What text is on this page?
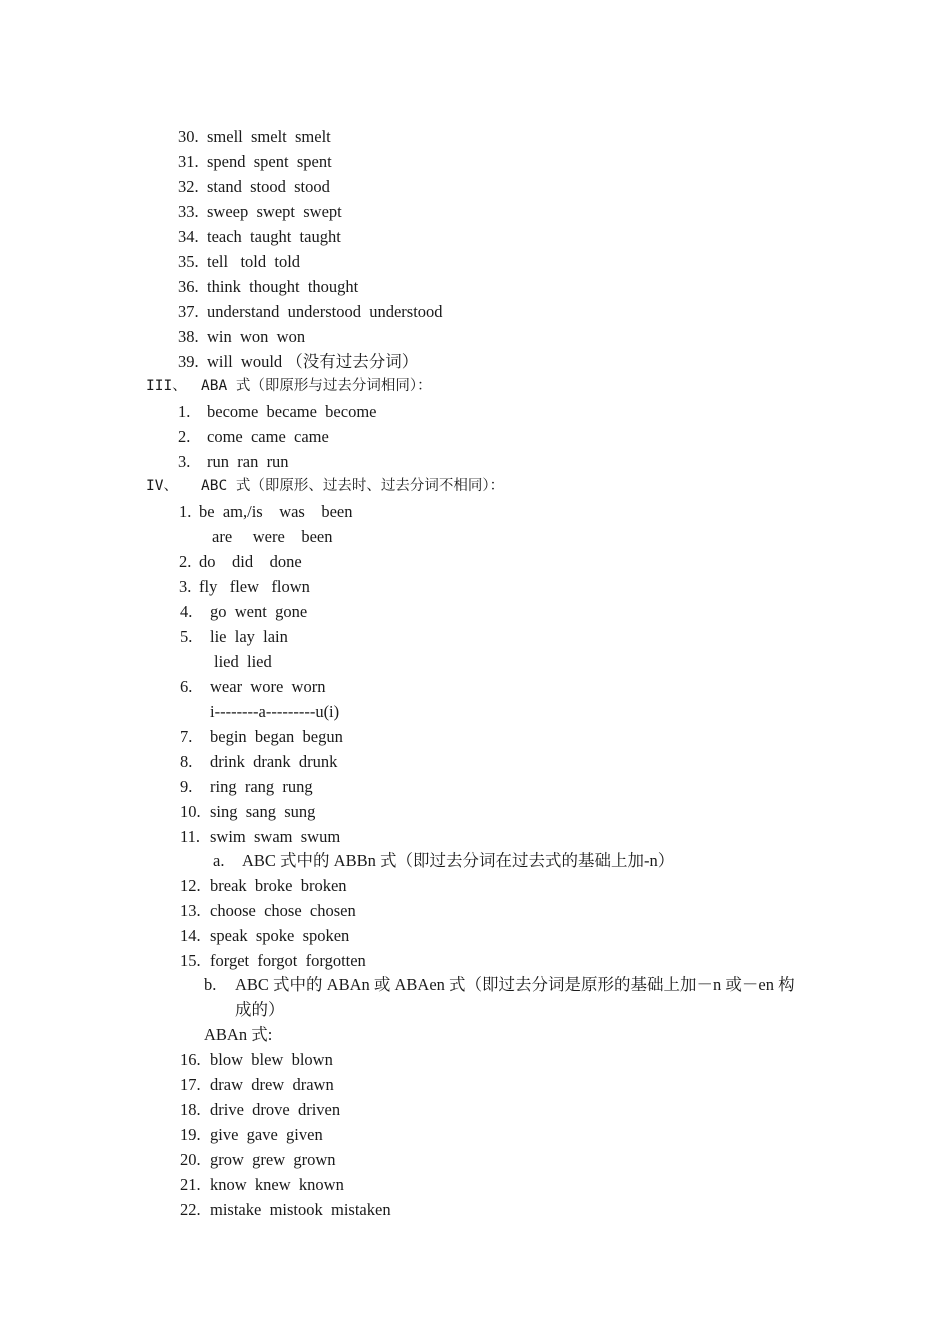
30. smell  smelt  smelt
31. spend  spent  spent
32. stand  stood  stood
33. sweep  swept  swept
34. teach  taught  taught
35. tell   told  told
36. think  thought  thought
37. understand  understood  understood
38. win  won  won
39. will  would （没有过去分词）
III、 ABA 式（即原形与过去分词相同）：
1. become  became  become
2. come  came  came
3. run  ran  run
IV、 ABC 式（即原形、过去时、过去分词不相同）：
1. be  am,/is    was    been
are     were    been
2. do    did    done
3. fly   flew   flown
4. go  went  gone
5. lie  lay  lain
lied  lied
6. wear  wore  worn
i--------a---------u(i)
7. begin  began  begun
8. drink  drank  drunk
9. ring  rang  rung
10. sing  sang  sung
11. swim  swam  swum
a. ABC 式中的 ABBn 式（即过去分词在过去式的基础上加-n）
12. break  broke  broken
13. choose  chose  chosen
14. speak  spoke  spoken
15. forget  forgot  forgotten
b. ABC 式中的 ABAn 或 ABAen 式（即过去分词是原形的基础上加－n 或－en 构
成的）
ABAn 式:
16. blow  blew  blown
17. draw  drew  drawn
18. drive  drove  driven
19. give  gave  given
20. grow  grew  grown
21. know  knew  known
22. mistake  mistook  mistaken
